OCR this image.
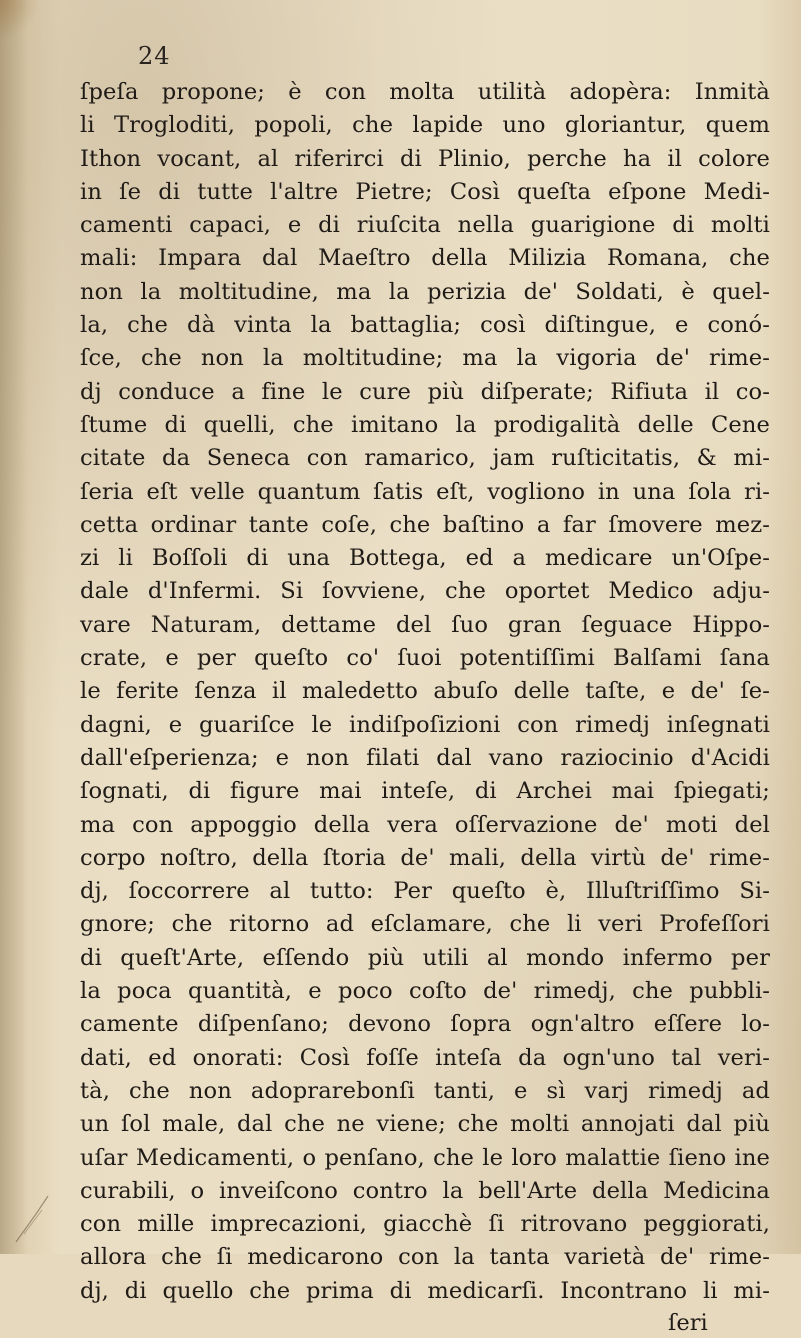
24
ſpeſa propone; è con molta utilità adopèra: Inmità
li Trogloditi, popoli, che lapide uno gloriantur, quem
Ithon vocant, al riferirci di Plinio, perche ha il colore
in ſe di tutte l'altre Pietre; Così queſta eſpone Medi-
camenti capaci, e di riuſcita nella guarigione di molti
mali: Impara dal Maeſtro della Milizia Romana, che
non la moltitudine, ma la perizia de' Soldati, è quel-
la, che dà vinta la battaglia; così diſtingue, e conó-
ſce, che non la moltitudine; ma la vigoria de' rime-
dj conduce a fine le cure più diſperate; Rifiuta il co-
ſtume di quelli, che imitano la prodigalità delle Cene
citate da Seneca con ramarico, jam ruſticitatis, & mi-
ſeria eſt velle quantum ſatis eſt, vogliono in una ſola ri-
cetta ordinar tante coſe, che baſtino a far ſmovere mez-
zi li Boſſoli di una Bottega, ed a medicare un'Oſpe-
dale d'Infermi. Si ſovviene, che oportet Medico adju-
vare Naturam, dettame del ſuo gran ſeguace Hippo-
crate, e per queſto co' ſuoi potentiſſimi Balſami ſana
le ferite ſenza il maledetto abuſo delle taſte, e de' ſe-
dagni, e guariſce le indiſpoſizioni con rimedj inſegnati
dall'eſperienza; e non filati dal vano raziocinio d'Acidi
ſognati, di figure mai inteſe, di Archei mai ſpiegati;
ma con appoggio della vera oſſervazione de' moti del
corpo noſtro, della ſtoria de' mali, della virtù de' rime-
dj, ſoccorrere al tutto: Per queſto è, Illuſtriſſimo Si-
gnore; che ritorno ad eſclamare, che li veri Profeſſori
di queſt'Arte, eſſendo più utili al mondo infermo per
la poca quantità, e poco coſto de' rimedj, che pubbli-
camente diſpenſano; devono ſopra ogn'altro eſſere lo-
dati, ed onorati: Così foſſe inteſa da ogn'uno tal veri-
tà, che non adoprarebonſi tanti, e sì varj rimedj ad
un ſol male, dal che ne viene; che molti annojati dal più
uſar Medicamenti, o penſano, che le loro malattie ſieno ine
curabili, o inveiſcono contro la bell'Arte della Medicina
con mille imprecazioni, giacchè ſi ritrovano peggiorati,
allora che ſi medicarono con la tanta varietà de' rime-
dj, di quello che prima di medicarſi. Incontrano li mi-
ſeri
